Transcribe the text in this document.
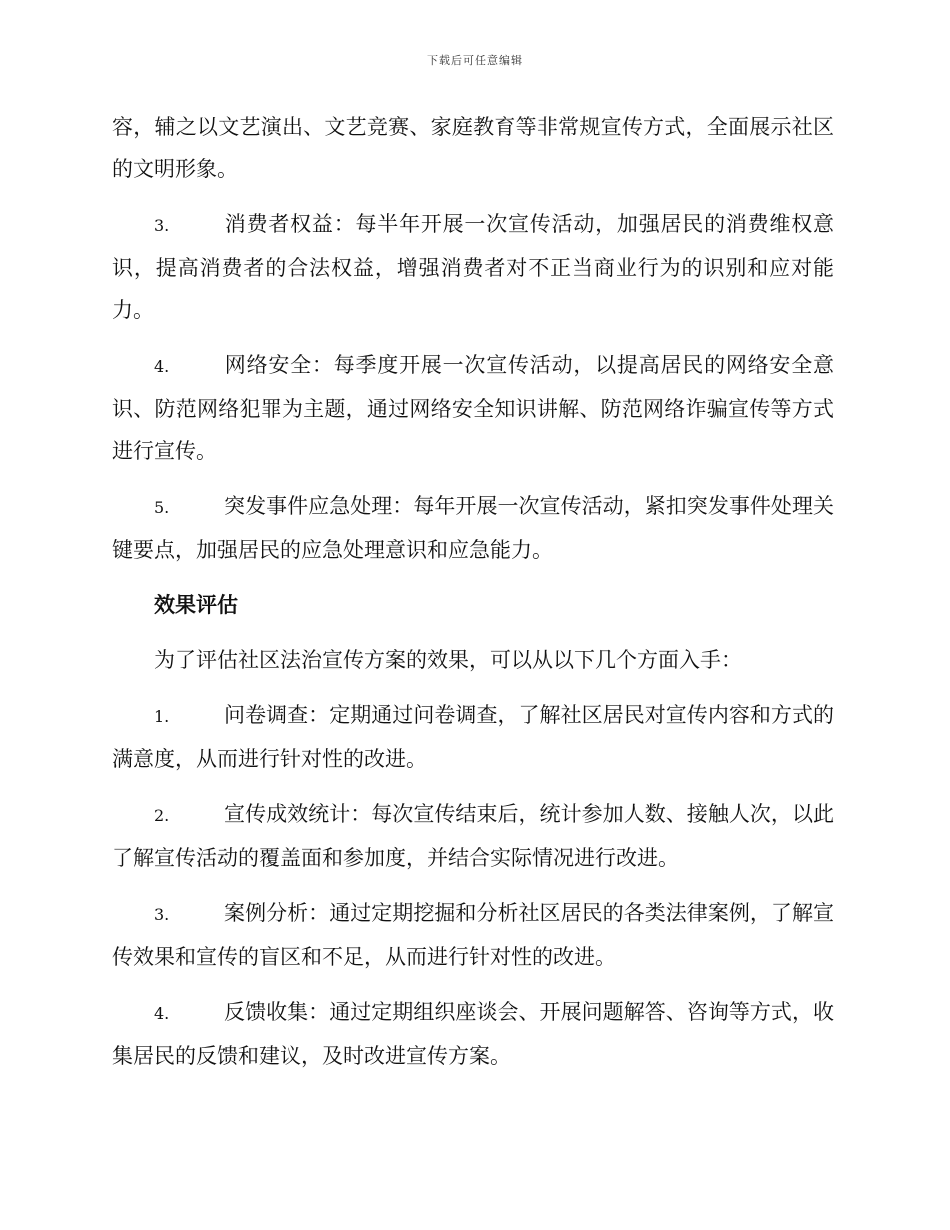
下载后可任意编辑

容，辅之以文艺演出、文艺竞赛、家庭教育等非常规宣传方式，全面展示社区的文明形象。

3.	消费者权益：每半年开展一次宣传活动，加强居民的消费维权意识，提高消费者的合法权益，增强消费者对不正当商业行为的识别和应对能力。

4.	网络安全：每季度开展一次宣传活动，以提高居民的网络安全意识、防范网络犯罪为主题，通过网络安全知识讲解、防范网络诈骗宣传等方式进行宣传。

5.	突发事件应急处理：每年开展一次宣传活动，紧扣突发事件处理关键要点，加强居民的应急处理意识和应急能力。

效果评估

为了评估社区法治宣传方案的效果，可以从以下几个方面入手：

1.	问卷调查：定期通过问卷调查，了解社区居民对宣传内容和方式的满意度，从而进行针对性的改进。

2.	宣传成效统计：每次宣传结束后，统计参加人数、接触人次，以此了解宣传活动的覆盖面和参加度，并结合实际情况进行改进。

3.	案例分析：通过定期挖掘和分析社区居民的各类法律案例，了解宣传效果和宣传的盲区和不足，从而进行针对性的改进。

4.	反馈收集：通过定期组织座谈会、开展问题解答、咨询等方式，收集居民的反馈和建议，及时改进宣传方案。
